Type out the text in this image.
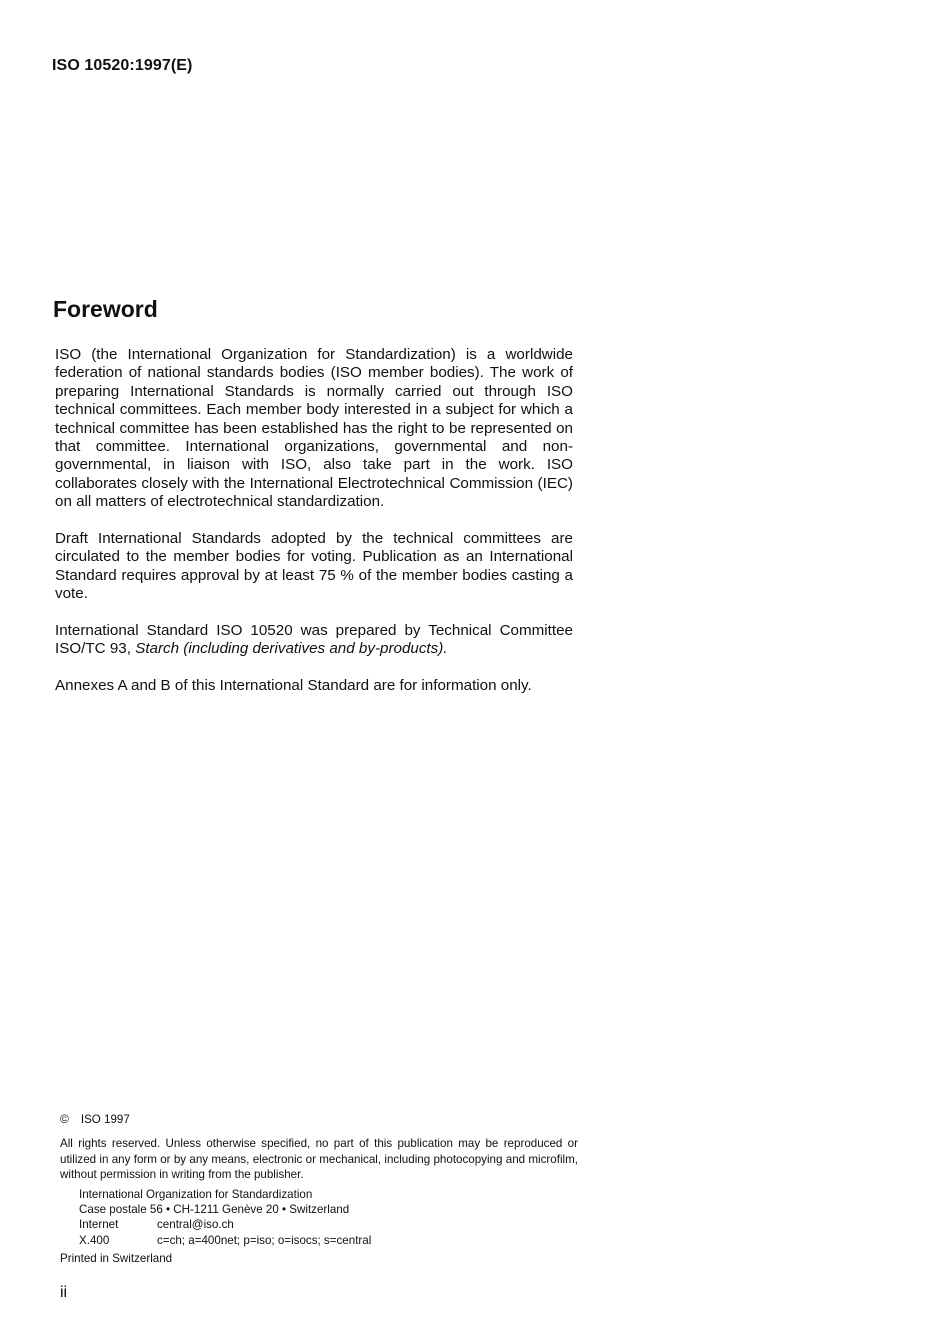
ISO 10520:1997(E)
Foreword

ISO (the International Organization for Standardization) is a worldwide federation of national standards bodies (ISO member bodies). The work of preparing International Standards is normally carried out through ISO technical committees. Each member body interested in a subject for which a technical committee has been established has the right to be represented on that committee. International organizations, governmental and non-governmental, in liaison with ISO, also take part in the work. ISO collaborates closely with the International Electrotechnical Commission (IEC) on all matters of electrotechnical standardization.

Draft International Standards adopted by the technical committees are circulated to the member bodies for voting. Publication as an International Standard requires approval by at least 75 % of the member bodies casting a vote.

International Standard ISO 10520 was prepared by Technical Committee ISO/TC 93, Starch (including derivatives and by-products).

Annexes A and B of this International Standard are for information only.

© ISO 1997

All rights reserved. Unless otherwise specified, no part of this publication may be reproduced or utilized in any form or by any means, electronic or mechanical, including photocopying and microfilm, without permission in writing from the publisher.

International Organization for Standardization
Case postale 56 • CH-1211 Genève 20 • Switzerland
Internet	central@iso.ch
X.400	c=ch; a=400net; p=iso; o=isocs; s=central
Printed in Switzerland
ii
